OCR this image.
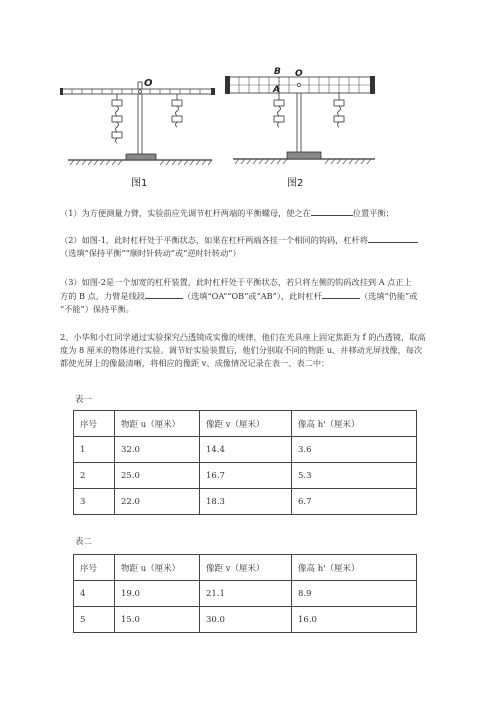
O
图1
B
A
O
图2
（1）为方便测量力臂，实验前应先调节杠杆两端的平衡螺母，使之在	位置平衡；
（2）如图-1，此时杠杆处于平衡状态，如果在杠杆两端各挂一个相同的钩码，杠杆将
（选填“保持平衡”“顺时针转动”或“逆时针转动”）
（3）如图-2是一个加宽的杠杆装置，此时杠杆处于平衡状态，若只将左侧的钩码改挂到 A 点正上
方的 B 点，力臂是线段	（选填“OA”“OB”或“AB”），此时杠杆	（选填“仍能”或
“不能”）保持平衡。
2、小华和小红同学通过实验探究凸透镜成实像的规律，他们在光具座上固定焦距为 f 的凸透镜，取高
度为 8 厘米的物体进行实验。调节好实验装置后，他们分别取不同的物距 u、并移动光屏找像，每次
都使光屏上的像最清晰，将相应的像距 v、成像情况记录在表一、表二中：
表一
序号	物距 u（厘米）	像距 v（厘米）	像高 h'（厘米）
1	32.0	14.4	3.6
2	25.0	16.7	5.3
3	22.0	18.3	6.7
表二
序号	物距 u（厘米）	像距 v（厘米）	像高 h'（厘米）
4	19.0	21.1	8.9
5	15.0	30.0	16.0
